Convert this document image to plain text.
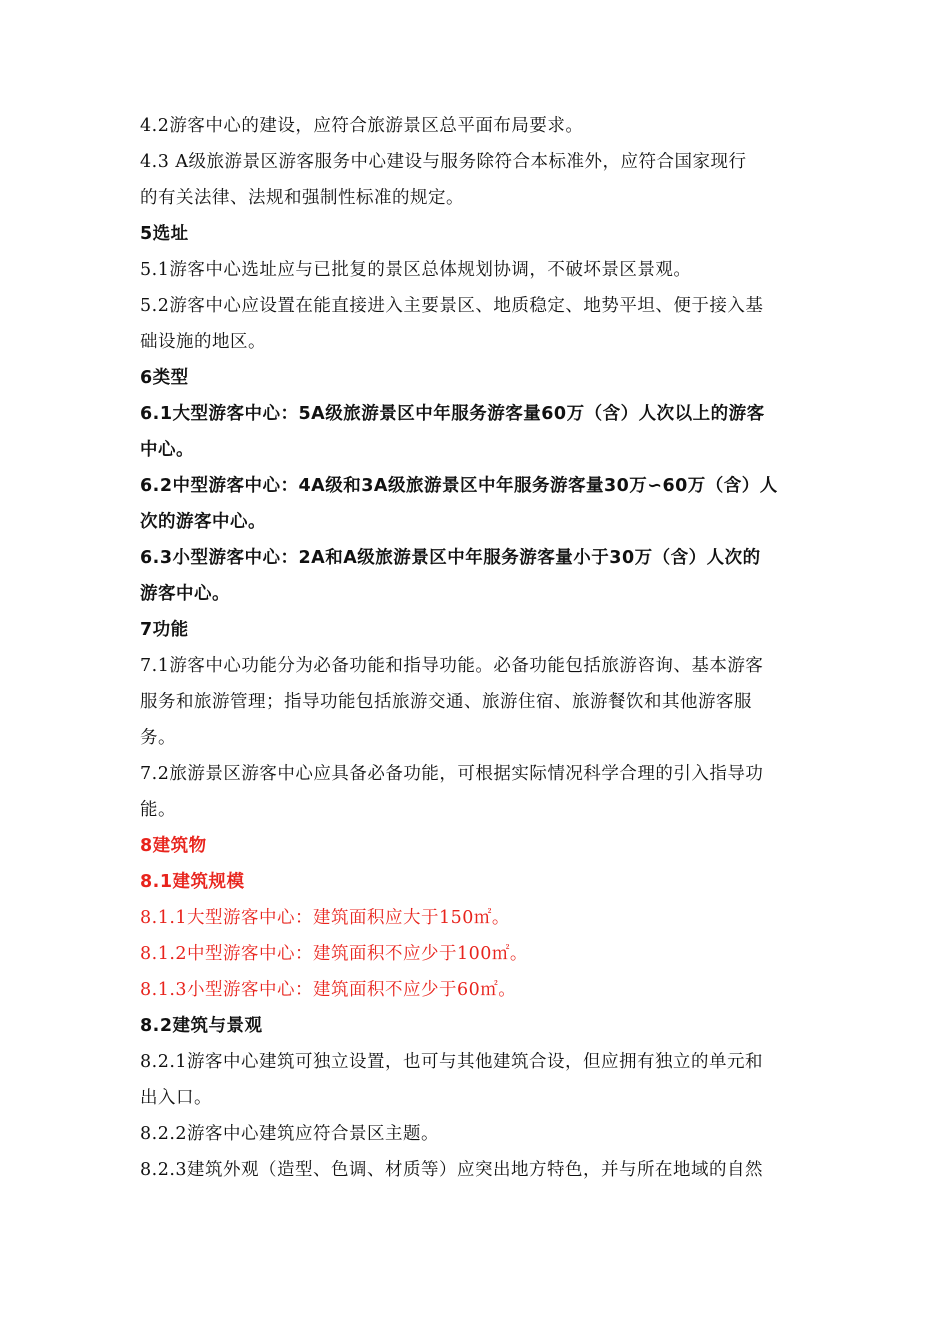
4.2游客中心的建设，应符合旅游景区总平面布局要求。
4.3 A级旅游景区游客服务中心建设与服务除符合本标准外，应符合国家现行
的有关法律、法规和强制性标准的规定。
5选址
5.1游客中心选址应与已批复的景区总体规划协调，不破坏景区景观。
5.2游客中心应设置在能直接进入主要景区、地质稳定、地势平坦、便于接入基
础设施的地区。
6类型
6.1大型游客中心：5A级旅游景区中年服务游客量60万（含）人次以上的游客
中心。
6.2中型游客中心：4A级和3A级旅游景区中年服务游客量30万∽60万（含）人
次的游客中心。
6.3小型游客中心：2A和A级旅游景区中年服务游客量小于30万（含）人次的
游客中心。
7功能
7.1游客中心功能分为必备功能和指导功能。必备功能包括旅游咨询、基本游客
服务和旅游管理；指导功能包括旅游交通、旅游住宿、旅游餐饮和其他游客服
务。
7.2旅游景区游客中心应具备必备功能，可根据实际情况科学合理的引入指导功
能。
8建筑物
8.1建筑规模
8.1.1大型游客中心：建筑面积应大于150㎡。
8.1.2中型游客中心：建筑面积不应少于100㎡。
8.1.3小型游客中心：建筑面积不应少于60㎡。
8.2建筑与景观
8.2.1游客中心建筑可独立设置，也可与其他建筑合设，但应拥有独立的单元和
出入口。
8.2.2游客中心建筑应符合景区主题。
8.2.3建筑外观（造型、色调、材质等）应突出地方特色，并与所在地域的自然
